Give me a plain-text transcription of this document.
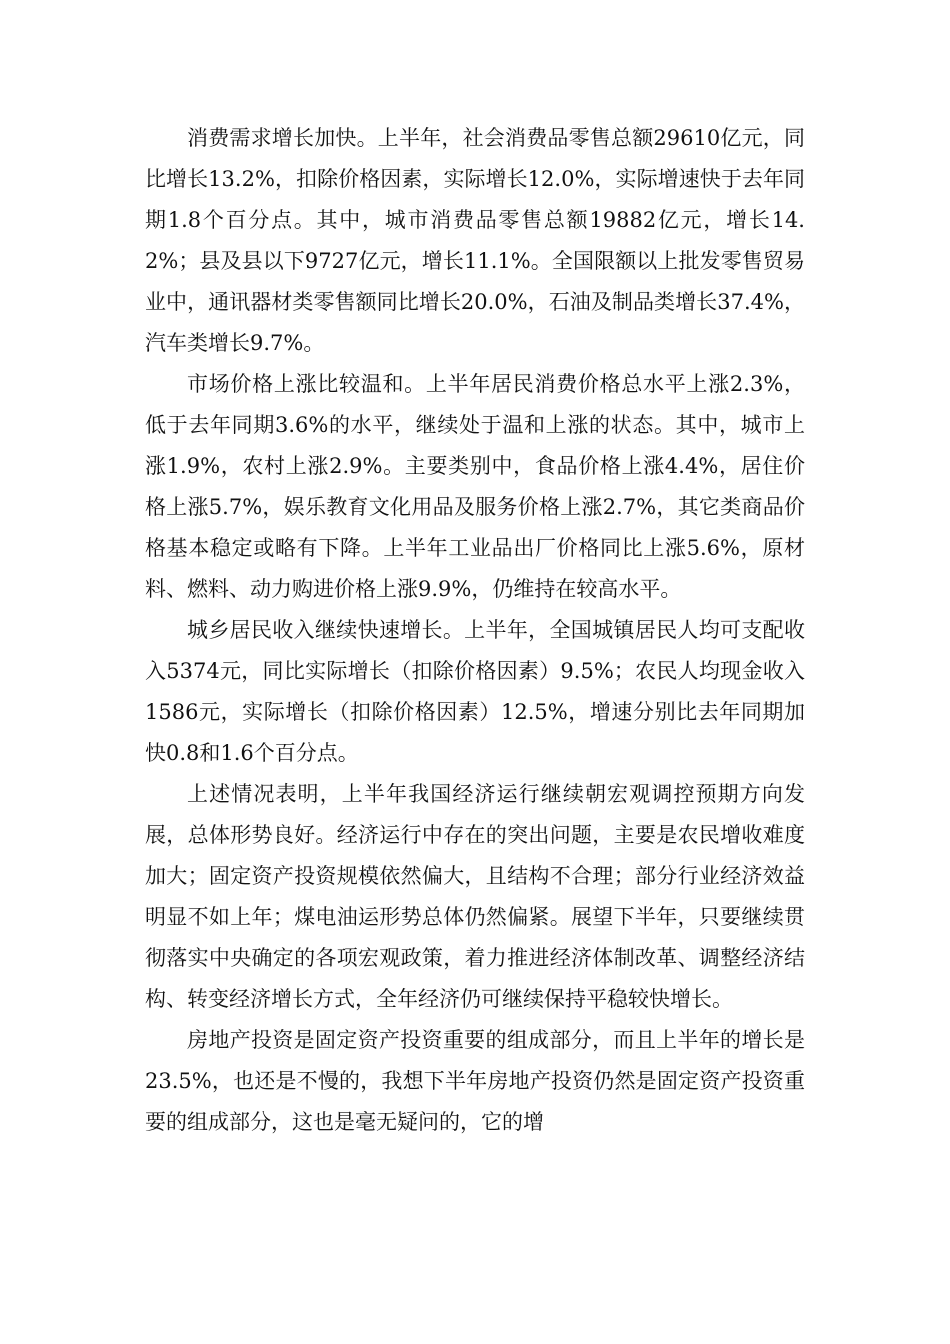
消费需求增长加快。上半年，社会消费品零售总额29610亿元，同比增长13.2%，扣除价格因素，实际增长12.0%，实际增速快于去年同期1.8个百分点。其中，城市消费品零售总额19882亿元，增长14.2%；县及县以下9727亿元，增长11.1%。全国限额以上批发零售贸易业中，通讯器材类零售额同比增长20.0%，石油及制品类增长37.4%，汽车类增长9.7%。

市场价格上涨比较温和。上半年居民消费价格总水平上涨2.3%，低于去年同期3.6%的水平，继续处于温和上涨的状态。其中，城市上涨1.9%，农村上涨2.9%。主要类别中，食品价格上涨4.4%，居住价格上涨5.7%，娱乐教育文化用品及服务价格上涨2.7%，其它类商品价格基本稳定或略有下降。上半年工业品出厂价格同比上涨5.6%，原材料、燃料、动力购进价格上涨9.9%，仍维持在较高水平。

城乡居民收入继续快速增长。上半年，全国城镇居民人均可支配收入5374元，同比实际增长（扣除价格因素）9.5%；农民人均现金收入1586元，实际增长（扣除价格因素）12.5%，增速分别比去年同期加快0.8和1.6个百分点。

上述情况表明，上半年我国经济运行继续朝宏观调控预期方向发展，总体形势良好。经济运行中存在的突出问题，主要是农民增收难度加大；固定资产投资规模依然偏大，且结构不合理；部分行业经济效益明显不如上年；煤电油运形势总体仍然偏紧。展望下半年，只要继续贯彻落实中央确定的各项宏观政策，着力推进经济体制改革、调整经济结构、转变经济增长方式，全年经济仍可继续保持平稳较快增长。

房地产投资是固定资产投资重要的组成部分，而且上半年的增长是23.5%，也还是不慢的，我想下半年房地产投资仍然是固定资产投资重要的组成部分，这也是毫无疑问的，它的增
